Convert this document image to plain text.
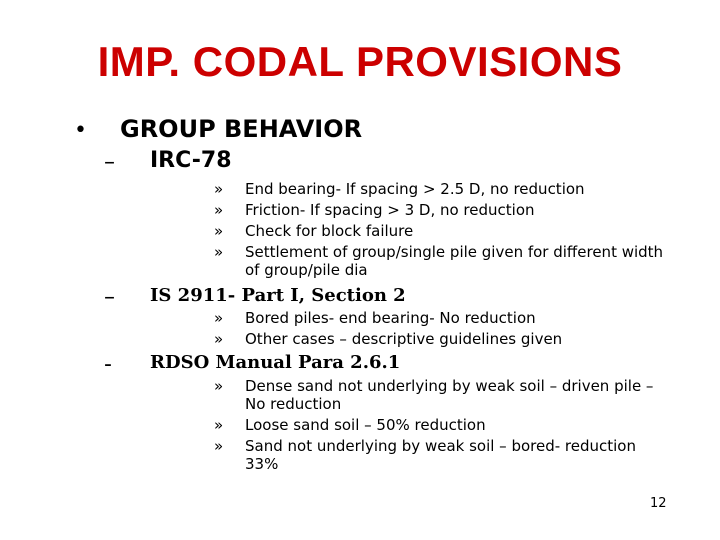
IMP. CODAL PROVISIONS
• GROUP BEHAVIOR
– IRC-78
» End bearing- If spacing > 2.5 D, no reduction
» Friction- If spacing > 3 D, no reduction
» Check for block failure
» Settlement of group/single pile given for different width of group/pile dia
– IS 2911- Part I, Section 2
» Bored piles- end bearing- No reduction
» Other cases – descriptive guidelines given
- RDSO Manual Para 2.6.1
» Dense sand not underlying by weak soil – driven pile – No reduction
» Loose sand soil – 50% reduction
» Sand not underlying by weak soil – bored- reduction 33%
12
